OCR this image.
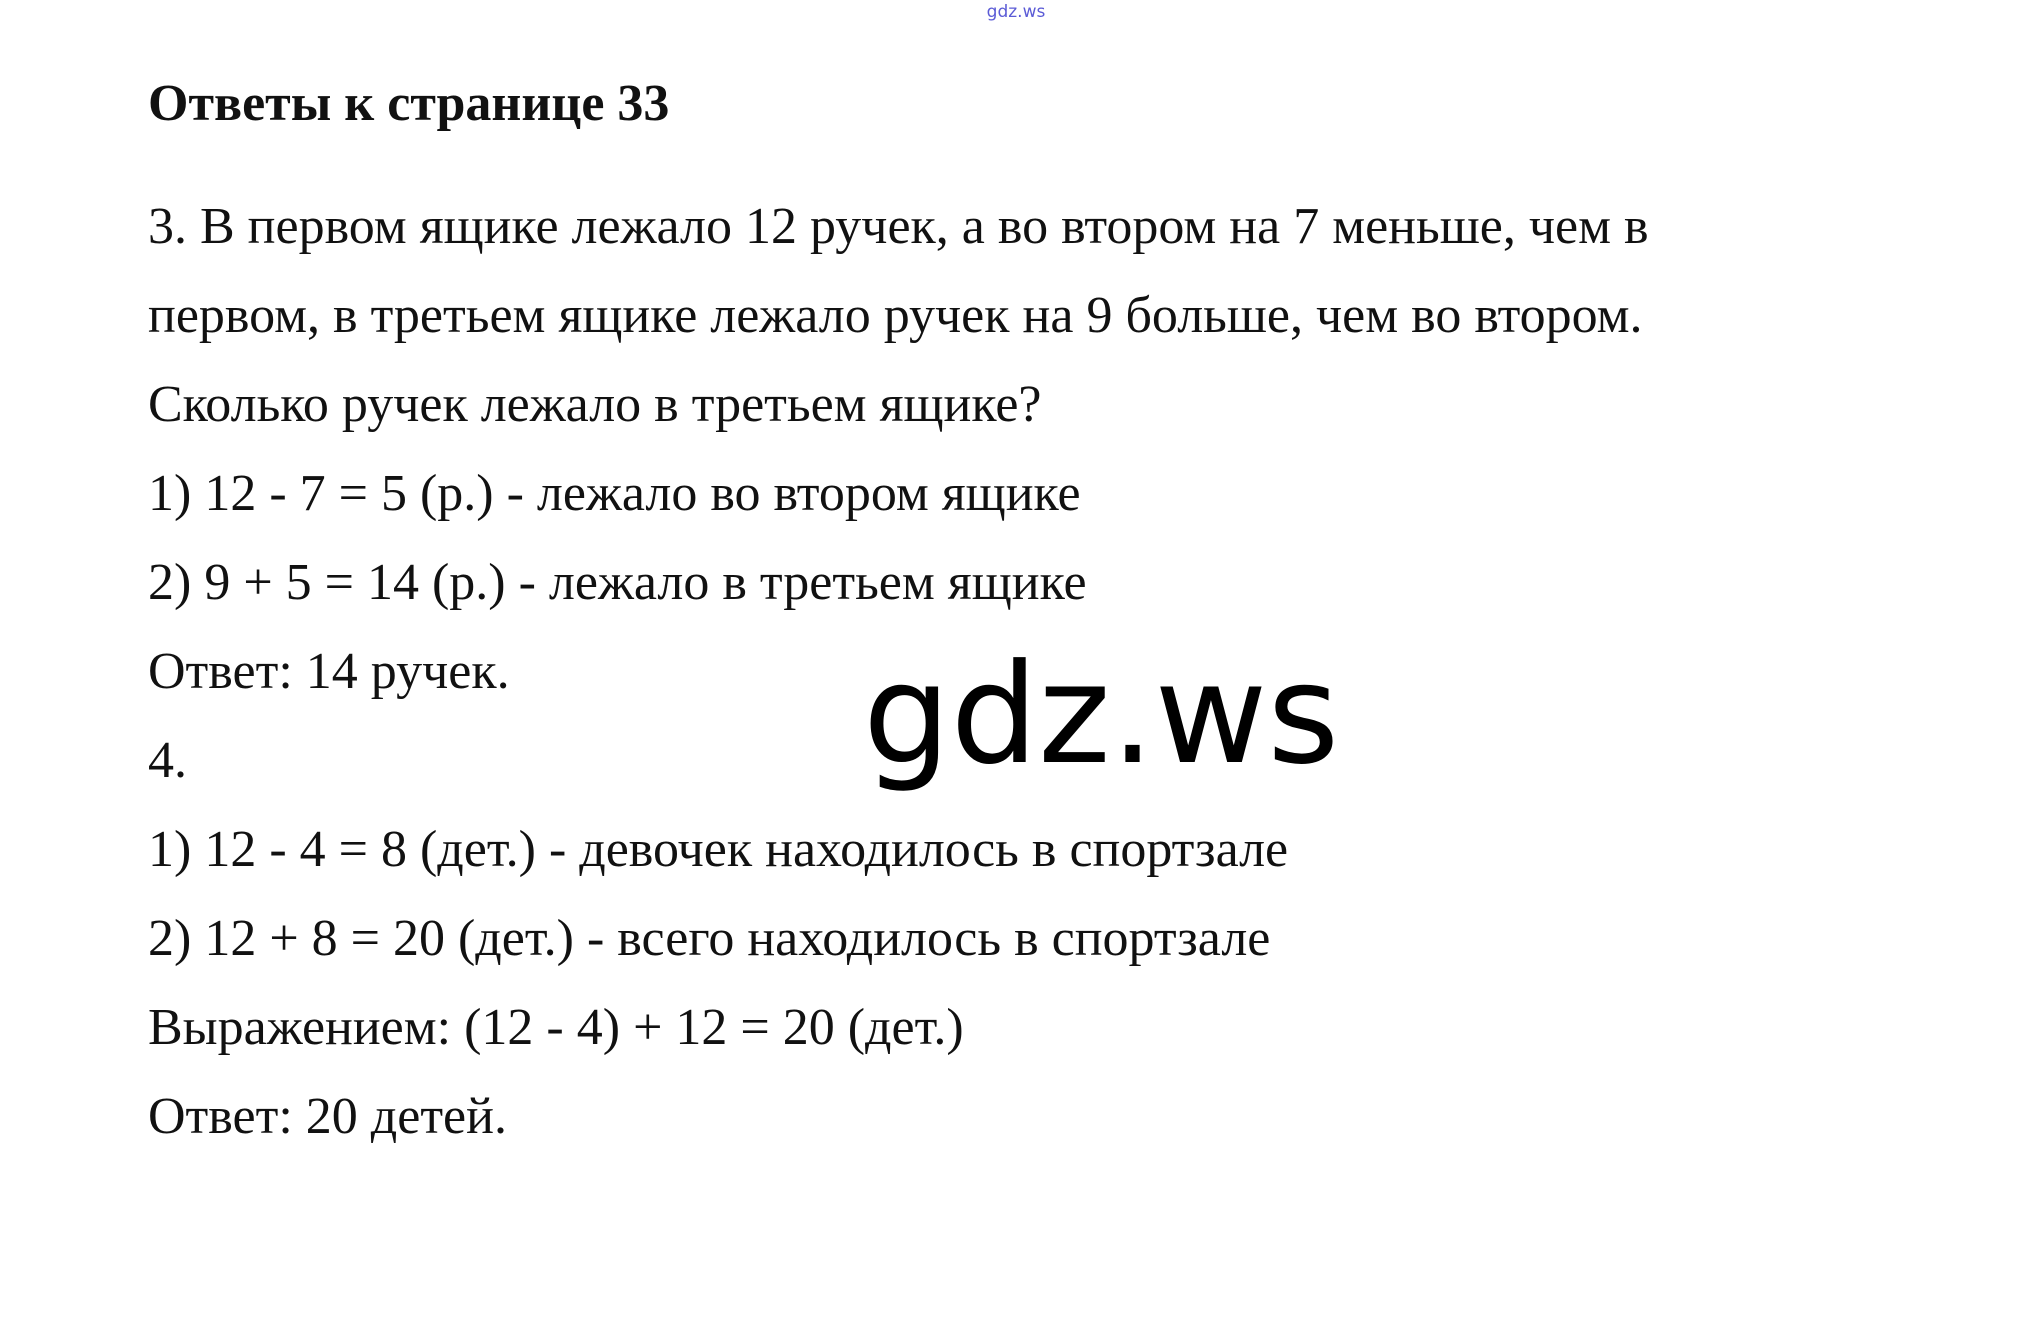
gdz.ws
Ответы к странице 33
3. В первом ящике лежало 12 ручек, а во втором на 7 меньше, чем в
первом, в третьем ящике лежало ручек на 9 больше, чем во втором.
Сколько ручек лежало в третьем ящике?
1) 12 - 7 = 5 (р.) - лежало во втором ящике
2) 9 + 5 = 14 (р.) - лежало в третьем ящике
Ответ: 14 ручек.
4.
1) 12 - 4 = 8 (дет.) - девочек находилось в спортзале
2) 12 + 8 = 20 (дет.) - всего находилось в спортзале
Выражением: (12 - 4) + 12 = 20 (дет.)
Ответ: 20 детей.
gdz.ws
